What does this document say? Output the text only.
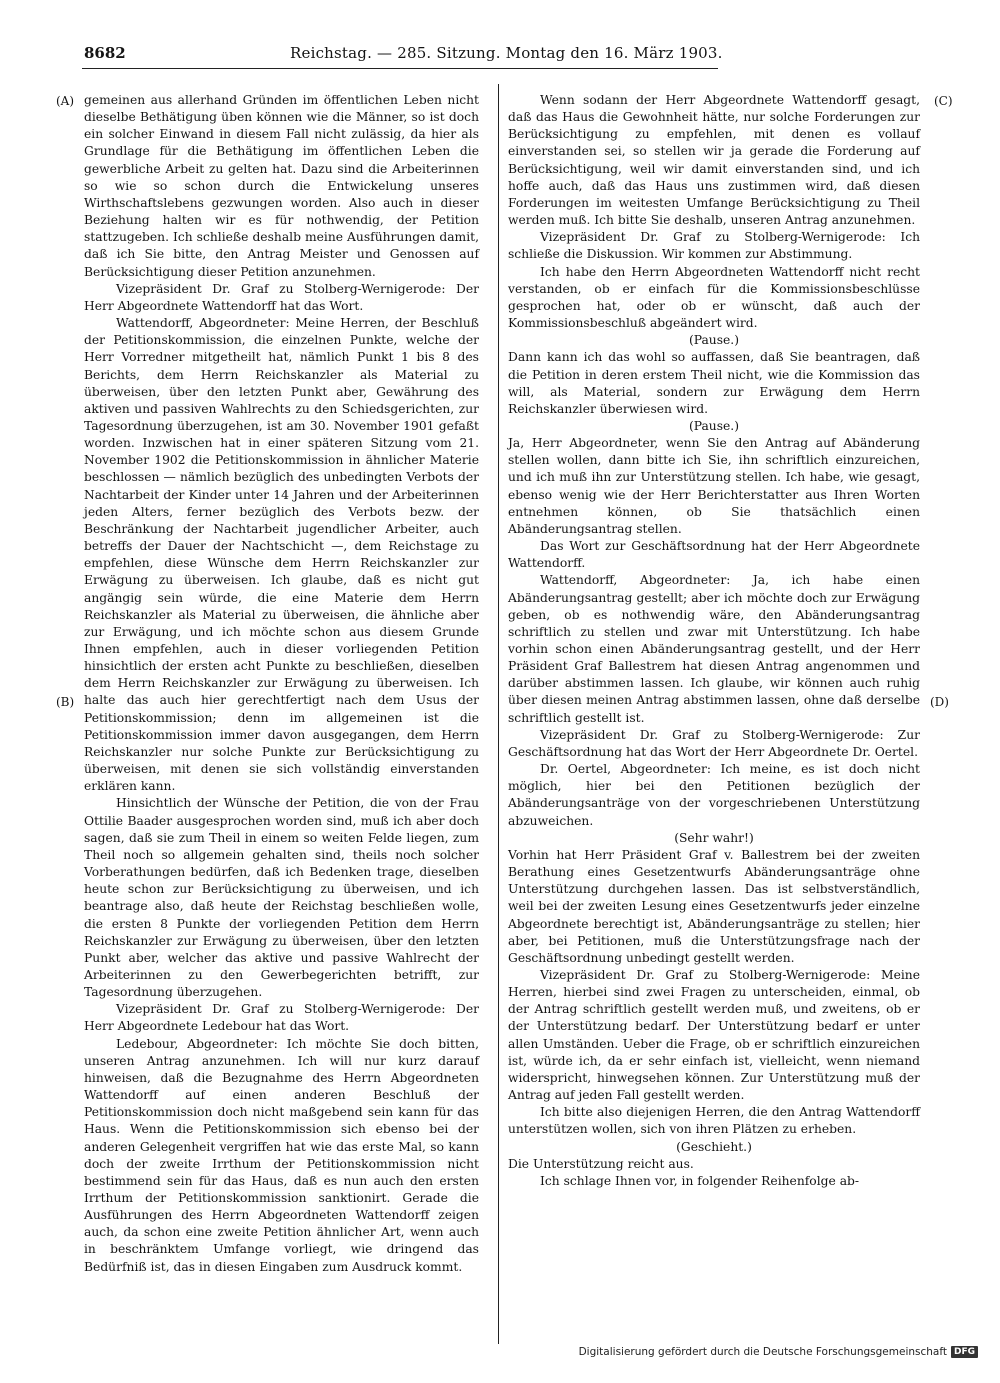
8682	Reichstag. — 285. Sitzung. Montag den 16. März 1903.
(A)
(B)
(C)
(D)

gemeinen aus allerhand Gründen im öffentlichen Leben nicht dieselbe Bethätigung üben können wie die Männer, so ist doch ein solcher Einwand in diesem Fall nicht zulässig, da hier als Grundlage für die Bethätigung im öffentlichen Leben die gewerbliche Arbeit zu gelten hat. Dazu sind die Arbeiterinnen so wie so schon durch die Entwickelung unseres Wirthschaftslebens gezwungen worden. Also auch in dieser Beziehung halten wir es für nothwendig, der Petition stattzugeben. Ich schließe deshalb meine Ausführungen damit, daß ich Sie bitte, den Antrag Meister und Genossen auf Berücksichtigung dieser Petition anzunehmen.

Vizepräsident Dr. Graf zu Stolberg-Wernigerode: Der Herr Abgeordnete Wattendorff hat das Wort.

Wattendorff, Abgeordneter: Meine Herren, der Beschluß der Petitionskommission, die einzelnen Punkte, welche der Herr Vorredner mitgetheilt hat, nämlich Punkt 1 bis 8 des Berichts, dem Herrn Reichskanzler als Material zu überweisen, über den letzten Punkt aber, Gewährung des aktiven und passiven Wahlrechts zu den Schiedsgerichten, zur Tagesordnung überzugehen, ist am 30. November 1901 gefaßt worden. Inzwischen hat in einer späteren Sitzung vom 21. November 1902 die Petitionskommission in ähnlicher Materie beschlossen — nämlich bezüglich des unbedingten Verbots der Nachtarbeit der Kinder unter 14 Jahren und der Arbeiterinnen jeden Alters, ferner bezüglich des Verbots bezw. der Beschränkung der Nachtarbeit jugendlicher Arbeiter, auch betreffs der Dauer der Nachtschicht —, dem Reichstage zu empfehlen, diese Wünsche dem Herrn Reichskanzler zur Erwägung zu überweisen. Ich glaube, daß es nicht gut angängig sein würde, die eine Materie dem Herrn Reichskanzler als Material zu überweisen, die ähnliche aber zur Erwägung, und ich möchte schon aus diesem Grunde Ihnen empfehlen, auch in dieser vorliegenden Petition hinsichtlich der ersten acht Punkte zu beschließen, dieselben dem Herrn Reichskanzler zur Erwägung zu überweisen. Ich halte das auch hier gerechtfertigt nach dem Usus der Petitionskommission; denn im allgemeinen ist die Petitionskommission immer davon ausgegangen, dem Herrn Reichskanzler nur solche Punkte zur Berücksichtigung zu überweisen, mit denen sie sich vollständig einverstanden erklären kann.

Hinsichtlich der Wünsche der Petition, die von der Frau Ottilie Baader ausgesprochen worden sind, muß ich aber doch sagen, daß sie zum Theil in einem so weiten Felde liegen, zum Theil noch so allgemein gehalten sind, theils noch solcher Vorberathungen bedürfen, daß ich Bedenken trage, dieselben heute schon zur Berücksichtigung zu überweisen, und ich beantrage also, daß heute der Reichstag beschließen wolle, die ersten 8 Punkte der vorliegenden Petition dem Herrn Reichskanzler zur Erwägung zu überweisen, über den letzten Punkt aber, welcher das aktive und passive Wahlrecht der Arbeiterinnen zu den Gewerbegerichten betrifft, zur Tagesordnung überzugehen.

Vizepräsident Dr. Graf zu Stolberg-Wernigerode: Der Herr Abgeordnete Ledebour hat das Wort.

Ledebour, Abgeordneter: Ich möchte Sie doch bitten, unseren Antrag anzunehmen. Ich will nur kurz darauf hinweisen, daß die Bezugnahme des Herrn Abgeordneten Wattendorff auf einen anderen Beschluß der Petitionskommission doch nicht maßgebend sein kann für das Haus. Wenn die Petitionskommission sich ebenso bei der anderen Gelegenheit vergriffen hat wie das erste Mal, so kann doch der zweite Irrthum der Petitionskommission nicht bestimmend sein für das Haus, daß es nun auch den ersten Irrthum der Petitionskommission sanktionirt. Gerade die Ausführungen des Herrn Abgeordneten Wattendorff zeigen auch, da schon eine zweite Petition ähnlicher Art, wenn auch in beschränktem Umfange vorliegt, wie dringend das Bedürfniß ist, das in diesen Eingaben zum Ausdruck kommt.

Wenn sodann der Herr Abgeordnete Wattendorff gesagt, daß das Haus die Gewohnheit hätte, nur solche Forderungen zur Berücksichtigung zu empfehlen, mit denen es vollauf einverstanden sei, so stellen wir ja gerade die Forderung auf Berücksichtigung, weil wir damit einverstanden sind, und ich hoffe auch, daß das Haus uns zustimmen wird, daß diesen Forderungen im weitesten Umfange Berücksichtigung zu Theil werden muß. Ich bitte Sie deshalb, unseren Antrag anzunehmen.

Vizepräsident Dr. Graf zu Stolberg-Wernigerode: Ich schließe die Diskussion. Wir kommen zur Abstimmung.

Ich habe den Herrn Abgeordneten Wattendorff nicht recht verstanden, ob er einfach für die Kommissionsbeschlüsse gesprochen hat, oder ob er wünscht, daß auch der Kommissionsbeschluß abgeändert wird.

(Pause.)

Dann kann ich das wohl so auffassen, daß Sie beantragen, daß die Petition in deren erstem Theil nicht, wie die Kommission das will, als Material, sondern zur Erwägung dem Herrn Reichskanzler überwiesen wird.

(Pause.)

Ja, Herr Abgeordneter, wenn Sie den Antrag auf Abänderung stellen wollen, dann bitte ich Sie, ihn schriftlich einzureichen, und ich muß ihn zur Unterstützung stellen. Ich habe, wie gesagt, ebenso wenig wie der Herr Berichterstatter aus Ihren Worten entnehmen können, ob Sie thatsächlich einen Abänderungsantrag stellen.

Das Wort zur Geschäftsordnung hat der Herr Abgeordnete Wattendorff.

Wattendorff, Abgeordneter: Ja, ich habe einen Abänderungsantrag gestellt; aber ich möchte doch zur Erwägung geben, ob es nothwendig wäre, den Abänderungsantrag schriftlich zu stellen und zwar mit Unterstützung. Ich habe vorhin schon einen Abänderungsantrag gestellt, und der Herr Präsident Graf Ballestrem hat diesen Antrag angenommen und darüber abstimmen lassen. Ich glaube, wir können auch ruhig über diesen meinen Antrag abstimmen lassen, ohne daß derselbe schriftlich gestellt ist.

Vizepräsident Dr. Graf zu Stolberg-Wernigerode: Zur Geschäftsordnung hat das Wort der Herr Abgeordnete Dr. Oertel.

Dr. Oertel, Abgeordneter: Ich meine, es ist doch nicht möglich, hier bei den Petitionen bezüglich der Abänderungsanträge von der vorgeschriebenen Unterstützung abzuweichen.

(Sehr wahr!)

Vorhin hat Herr Präsident Graf v. Ballestrem bei der zweiten Berathung eines Gesetzentwurfs Abänderungsanträge ohne Unterstützung durchgehen lassen. Das ist selbstverständlich, weil bei der zweiten Lesung eines Gesetzentwurfs jeder einzelne Abgeordnete berechtigt ist, Abänderungsanträge zu stellen; hier aber, bei Petitionen, muß die Unterstützungsfrage nach der Geschäftsordnung unbedingt gestellt werden.

Vizepräsident Dr. Graf zu Stolberg-Wernigerode: Meine Herren, hierbei sind zwei Fragen zu unterscheiden, einmal, ob der Antrag schriftlich gestellt werden muß, und zweitens, ob er der Unterstützung bedarf. Der Unterstützung bedarf er unter allen Umständen. Ueber die Frage, ob er schriftlich einzureichen ist, würde ich, da er sehr einfach ist, vielleicht, wenn niemand widerspricht, hinwegsehen können. Zur Unterstützung muß der Antrag auf jeden Fall gestellt werden.

Ich bitte also diejenigen Herren, die den Antrag Wattendorff unterstützen wollen, sich von ihren Plätzen zu erheben.

(Geschieht.)

Die Unterstützung reicht aus.

Ich schlage Ihnen vor, in folgender Reihenfolge ab-

Digitalisierung gefördert durch die Deutsche Forschungsgemeinschaft DFG
